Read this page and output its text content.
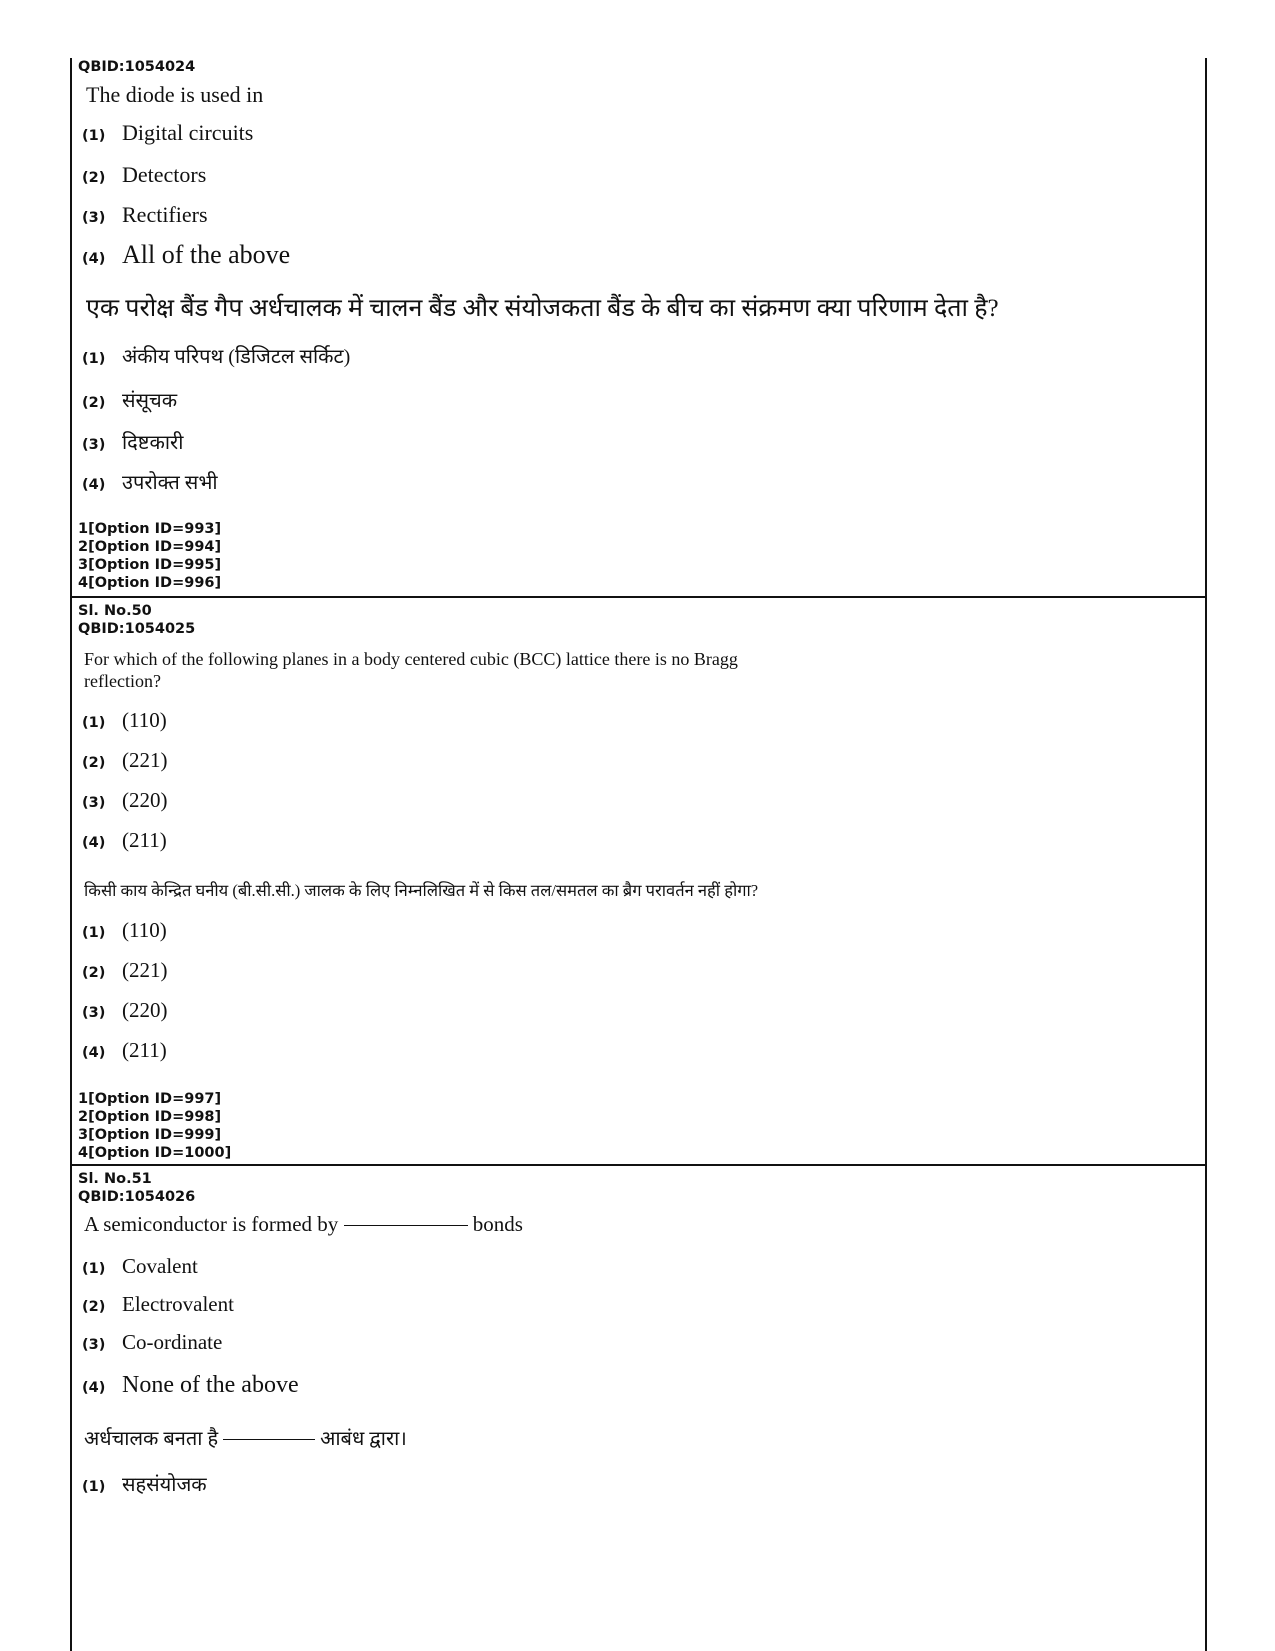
QBID:1054024

The diode is used in

(1) Digital circuits
(2) Detectors
(3) Rectifiers
(4) All of the above

एक परोक्ष बैंड गैप अर्धचालक में चालन बैंड और संयोजकता बैंड के बीच का संक्रमण क्या परिणाम देता है?

(1) अंकीय परिपथ (डिजिटल सर्किट)
(2) संसूचक
(3) दिष्टकारी
(4) उपरोक्त सभी

1[Option ID=993]

2[Option ID=994]

3[Option ID=995]

4[Option ID=996]

Sl. No.50

QBID:1054025

For which of the following planes in a body centered cubic (BCC) lattice there is no Bragg
reflection?

(1) (110)
(2) (221)
(3) (220)
(4) (211)

किसी काय केन्द्रित घनीय (बी.सी.सी.) जालक के लिए निम्नलिखित में से किस तल/समतल का ब्रैग परावर्तन नहीं होगा?

(1) (110)
(2) (221)
(3) (220)
(4) (211)

1[Option ID=997]

2[Option ID=998]

3[Option ID=999]

4[Option ID=1000]

Sl. No.51

QBID:1054026

A semiconductor is formed by	bonds

(1) Covalent
(2) Electrovalent
(3) Co-ordinate
(4) None of the above

अर्धचालक बनता है	आबंध द्वारा।

(1) सहसंयोजक
